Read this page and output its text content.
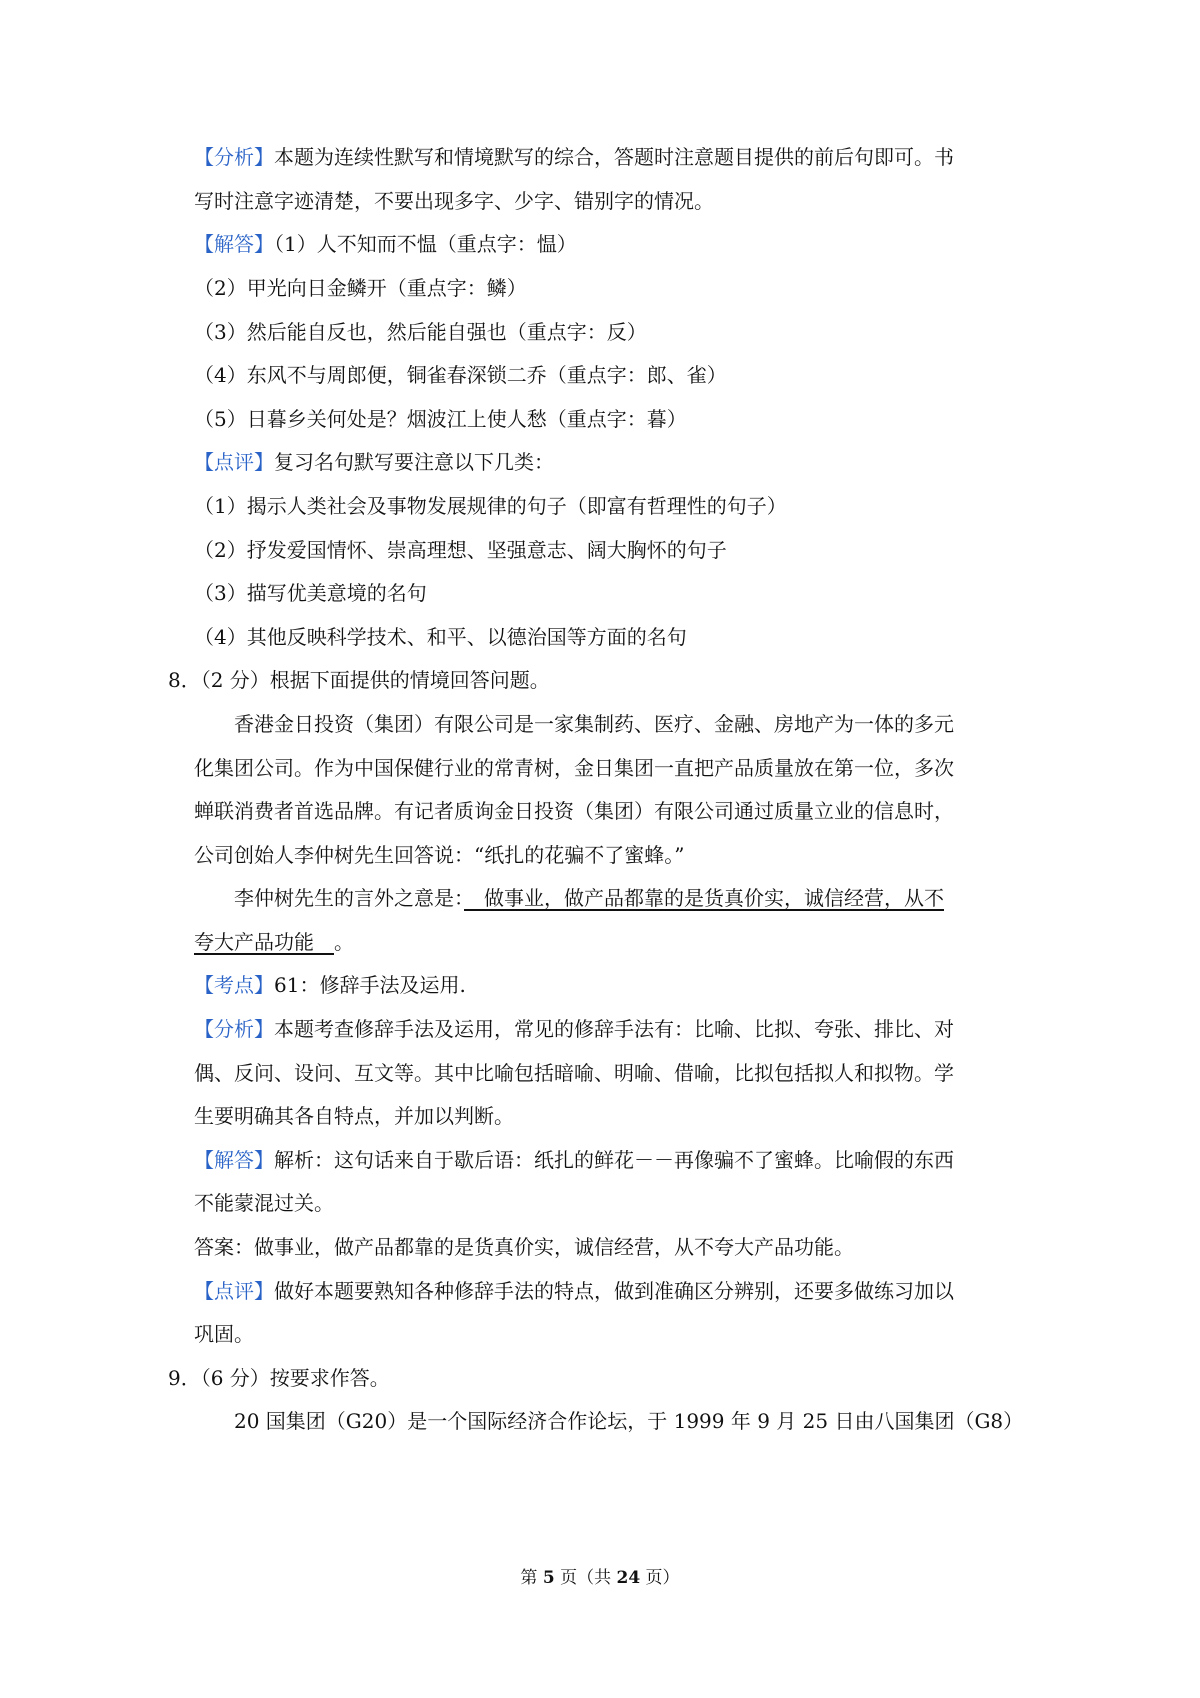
【分析】本题为连续性默写和情境默写的综合，答题时注意题目提供的前后句即可。书
写时注意字迹清楚，不要出现多字、少字、错别字的情况。
【解答】（1）人不知而不愠（重点字：愠）
（2）甲光向日金鳞开（重点字：鳞）
（3）然后能自反也，然后能自强也（重点字：反）
（4）东风不与周郎便，铜雀春深锁二乔（重点字：郎、雀）
（5）日暮乡关何处是？烟波江上使人愁（重点字：暮）
【点评】复习名句默写要注意以下几类：
（1）揭示人类社会及事物发展规律的句子（即富有哲理性的句子）
（2）抒发爱国情怀、崇高理想、坚强意志、阔大胸怀的句子
（3）描写优美意境的名句
（4）其他反映科学技术、和平、以德治国等方面的名句
8．（2 分）根据下面提供的情境回答问题。
香港金日投资（集团）有限公司是一家集制药、医疗、金融、房地产为一体的多元
化集团公司。作为中国保健行业的常青树，金日集团一直把产品质量放在第一位，多次
蝉联消费者首选品牌。有记者质询金日投资（集团）有限公司通过质量立业的信息时，
公司创始人李仲树先生回答说：“纸扎的花骗不了蜜蜂。”
李仲树先生的言外之意是：　做事业，做产品都靠的是货真价实，诚信经营，从不
夸大产品功能　。
【考点】61：修辞手法及运用.
【分析】本题考查修辞手法及运用，常见的修辞手法有：比喻、比拟、夸张、排比、对
偶、反问、设问、互文等。其中比喻包括暗喻、明喻、借喻，比拟包括拟人和拟物。学
生要明确其各自特点，并加以判断。
【解答】解析：这句话来自于歇后语：纸扎的鲜花－－再像骗不了蜜蜂。比喻假的东西
不能蒙混过关。
答案：做事业，做产品都靠的是货真价实，诚信经营，从不夸大产品功能。
【点评】做好本题要熟知各种修辞手法的特点，做到准确区分辨别，还要多做练习加以
巩固。
9．（6 分）按要求作答。
20 国集团（G20）是一个国际经济合作论坛，于 1999 年 9 月 25 日由八国集团（G8）
第 5 页（共 24 页）
